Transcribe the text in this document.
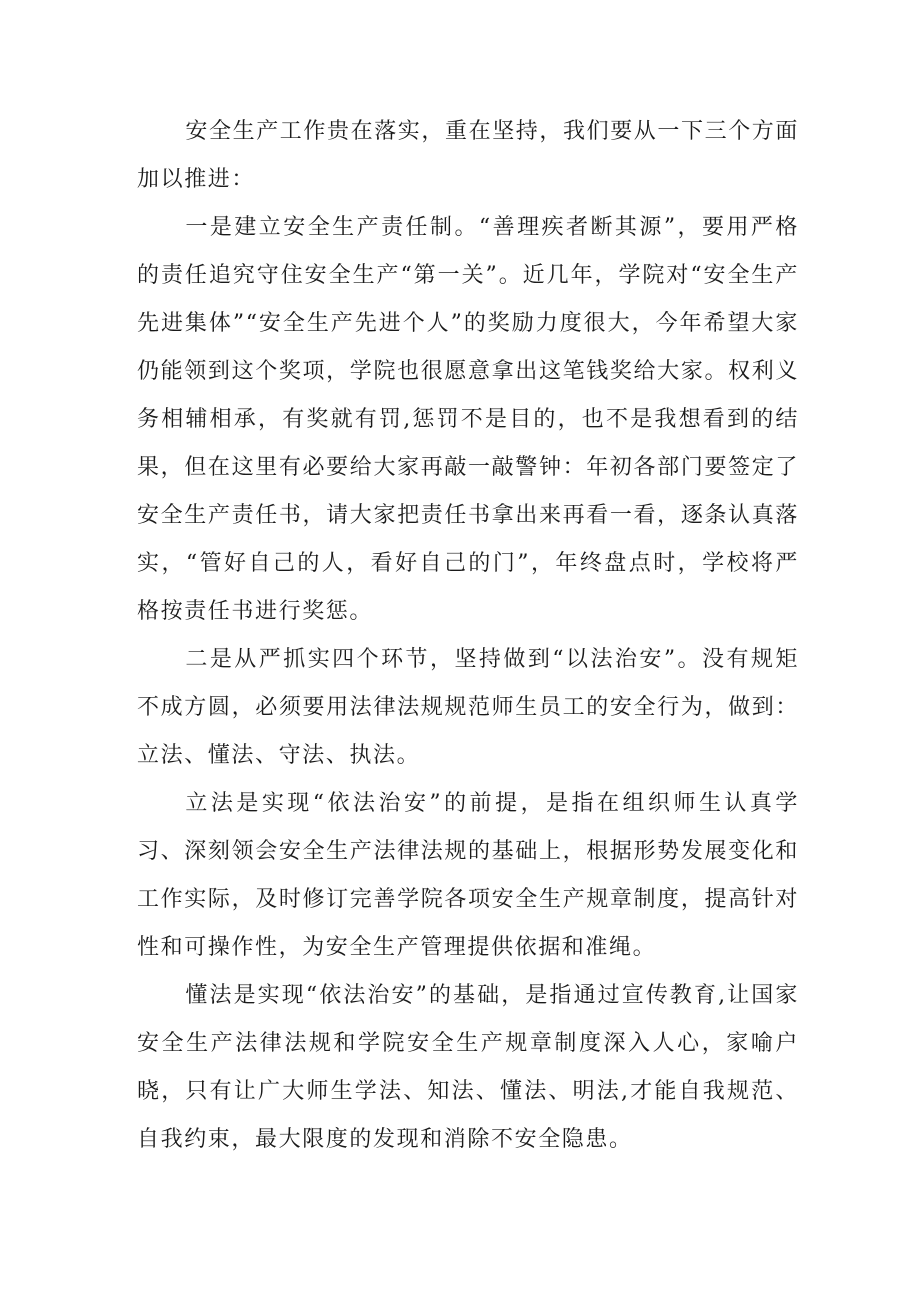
安全生产工作贵在落实，重在坚持，我们要从一下三个方面加以推进：

一是建立安全生产责任制。“善理疾者断其源”，要用严格的责任追究守住安全生产“第一关”。近几年，学院对“安全生产先进集体”“安全生产先进个人”的奖励力度很大，今年希望大家仍能领到这个奖项，学院也很愿意拿出这笔钱奖给大家。权利义务相辅相承，有奖就有罚,惩罚不是目的，也不是我想看到的结果，但在这里有必要给大家再敲一敲警钟：年初各部门要签定了安全生产责任书，请大家把责任书拿出来再看一看，逐条认真落实，“管好自己的人，看好自己的门”，年终盘点时，学校将严格按责任书进行奖惩。

二是从严抓实四个环节，坚持做到“以法治安”。没有规矩不成方圆，必须要用法律法规规范师生员工的安全行为，做到：立法、懂法、守法、执法。

立法是实现“依法治安”的前提，是指在组织师生认真学习、深刻领会安全生产法律法规的基础上，根据形势发展变化和工作实际，及时修订完善学院各项安全生产规章制度，提高针对性和可操作性，为安全生产管理提供依据和准绳。

懂法是实现“依法治安”的基础，是指通过宣传教育,让国家安全生产法律法规和学院安全生产规章制度深入人心，家喻户晓，只有让广大师生学法、知法、懂法、明法,才能自我规范、自我约束，最大限度的发现和消除不安全隐患。
